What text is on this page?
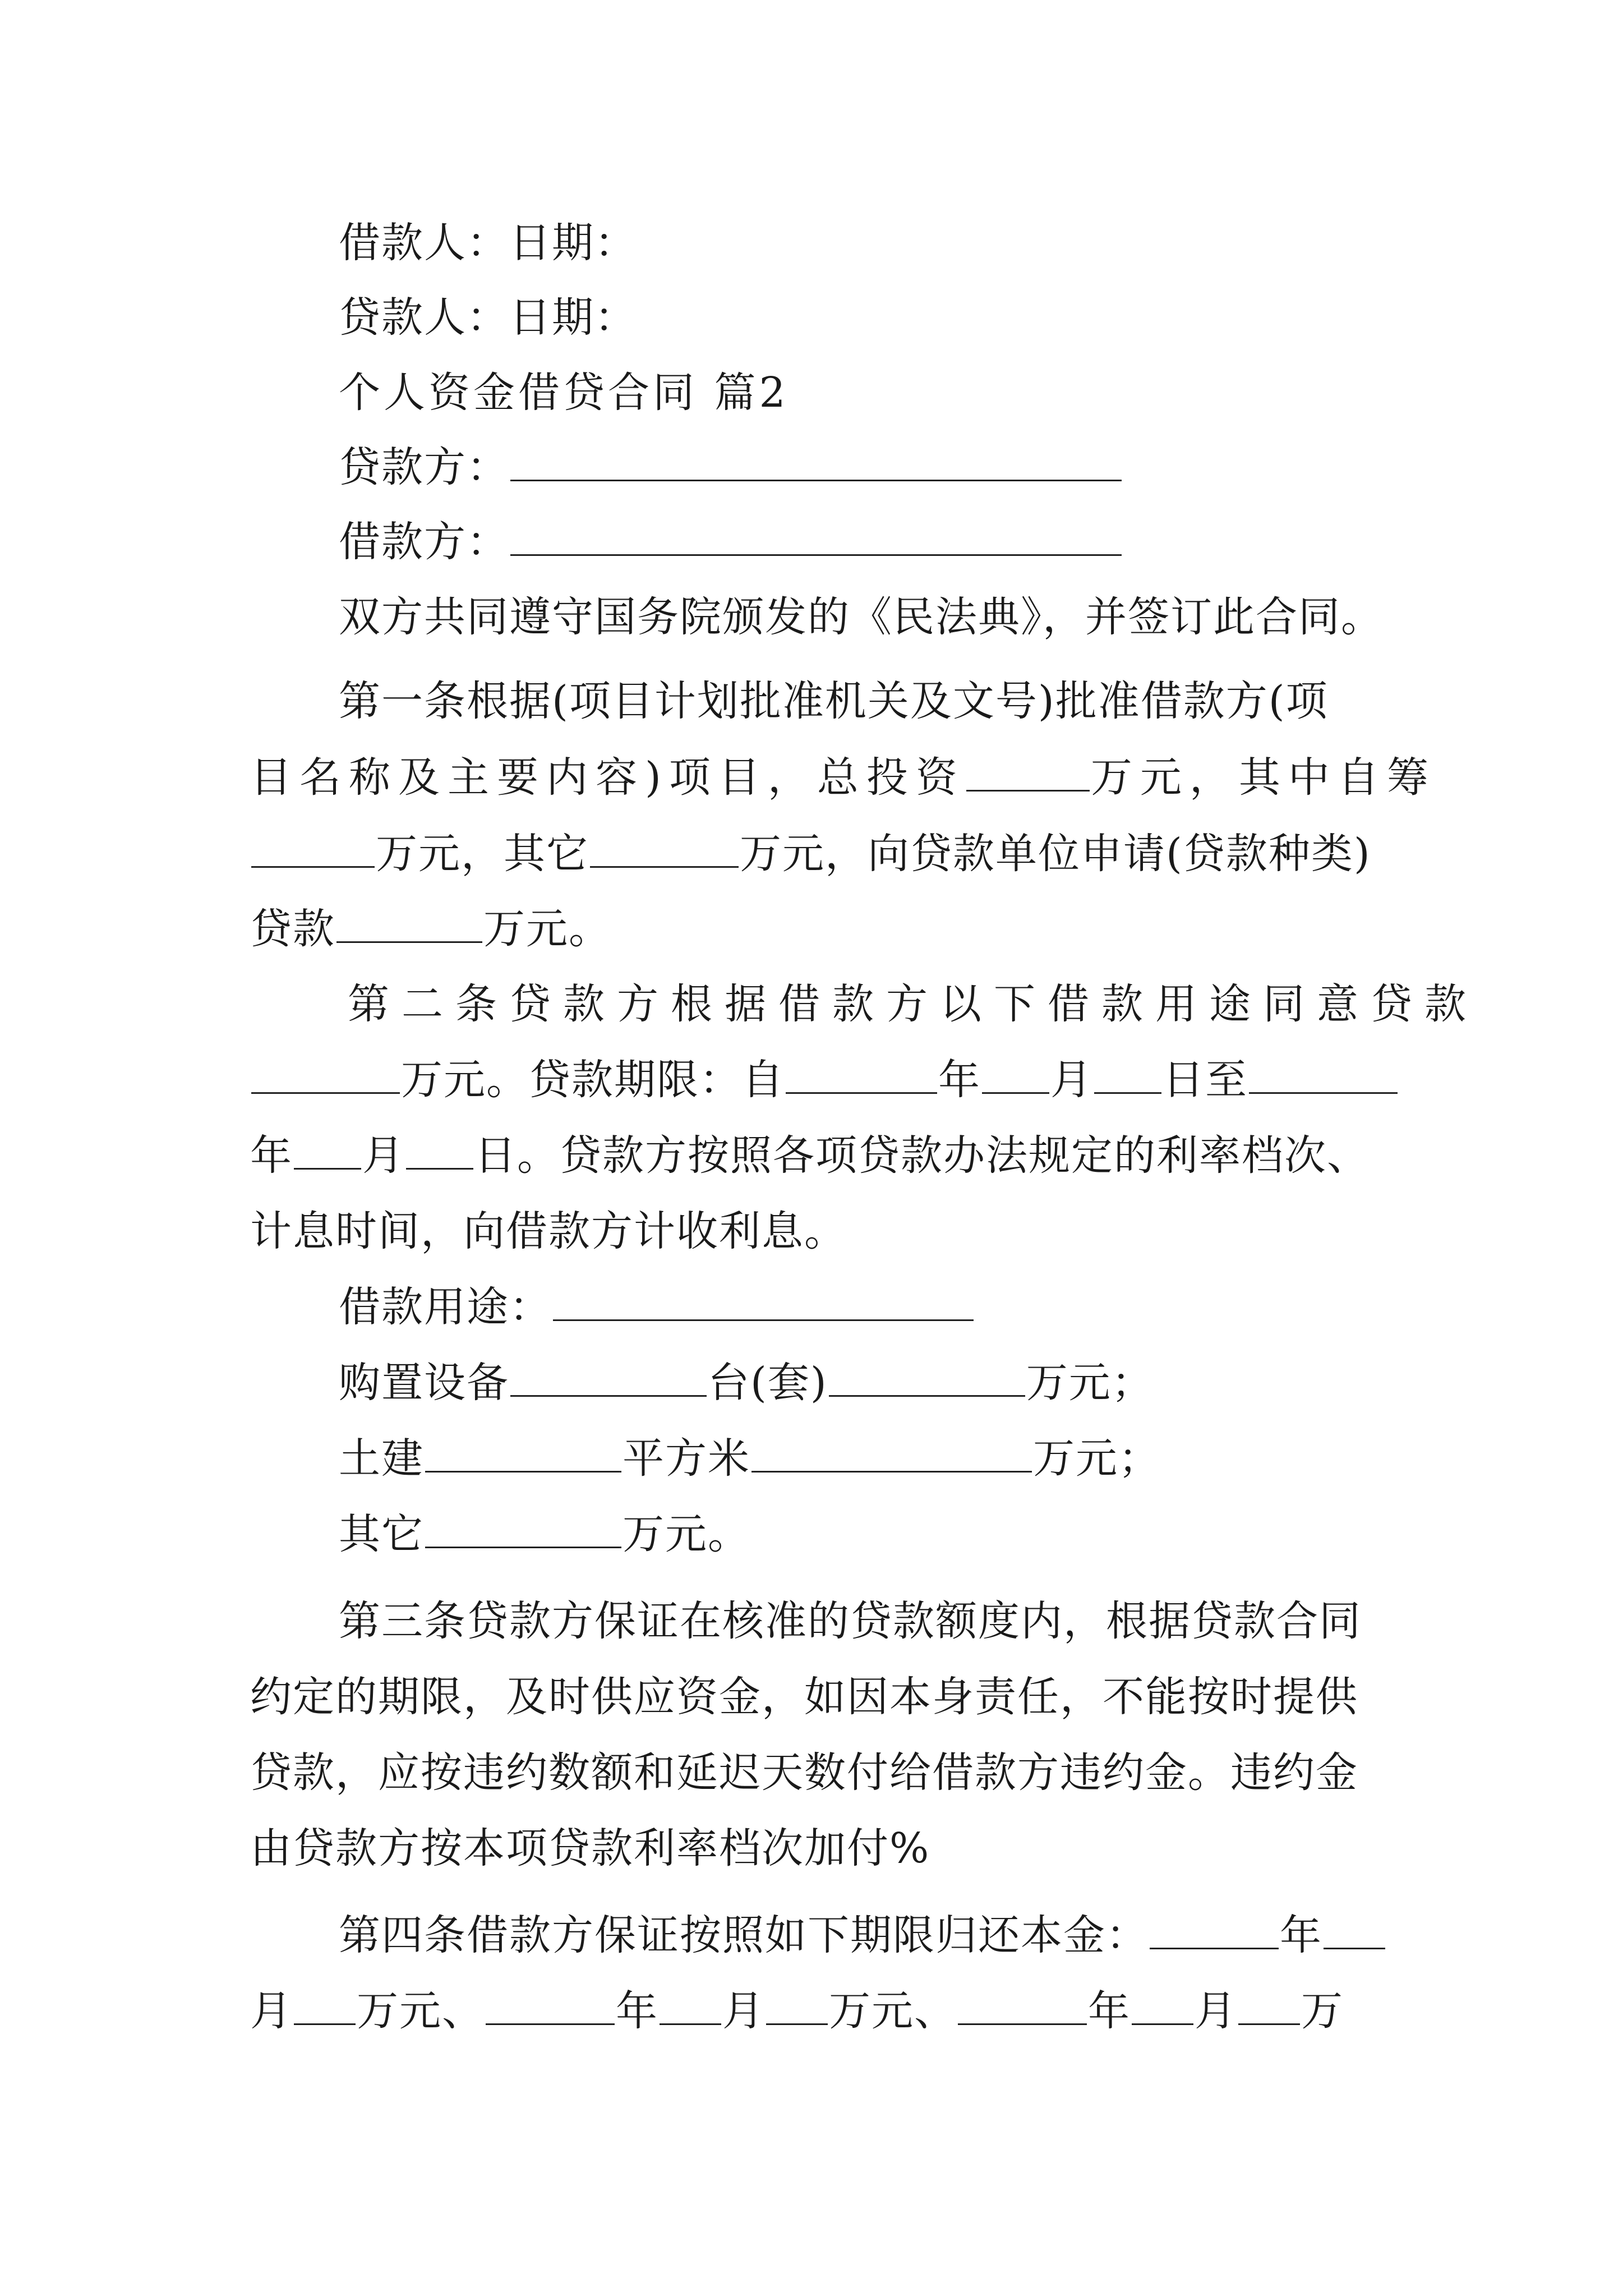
借款人：日期：
贷款人：日期：
个人资金借贷合同 篇2
贷款方：
借款方：
双方共同遵守国务院颁发的《民法典》，并签订此合同。
第一条根据(项目计划批准机关及文号)批准借款方(项
目名称及主要内容)项目，总投资	万元，其中自筹
万元，其它	万元，向贷款单位申请(贷款种类)
贷款	万元。
第二条贷款方根据借款方以下借款用途同意贷款
万元。贷款期限：自	年 月 日至
年 月 日。贷款方按照各项贷款办法规定的利率档次、
计息时间，向借款方计收利息。
借款用途：
购置设备	台(套)	万元；
土建	平方米	万元；
其它	万元。
第三条贷款方保证在核准的贷款额度内，根据贷款合同
约定的期限，及时供应资金，如因本身责任，不能按时提供
贷款，应按违约数额和延迟天数付给借款方违约金。违约金
由贷款方按本项贷款利率档次加付%
第四条借款方保证按照如下期限归还本金：	年
月 万元、	年 月 万元、	年 月 万
